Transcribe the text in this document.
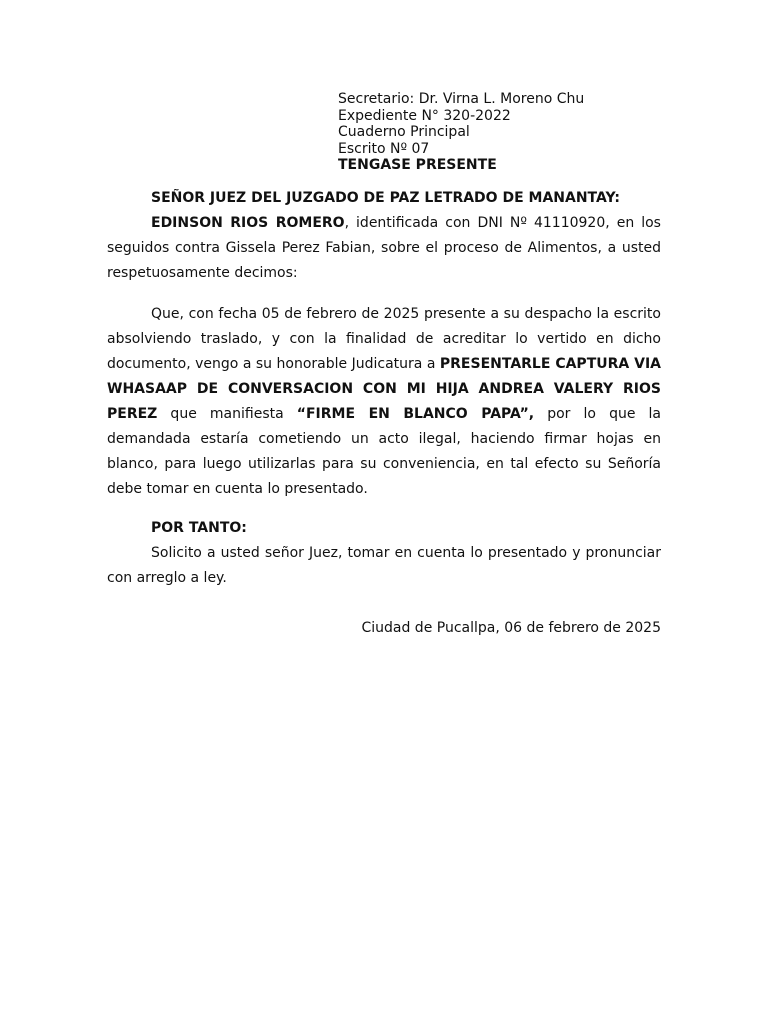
Secretario: Dr. Virna L. Moreno Chu
Expediente N° 320-2022
Cuaderno Principal
Escrito Nº 07
TENGASE PRESENTE
SEÑOR JUEZ DEL JUZGADO DE PAZ LETRADO DE MANANTAY:
EDINSON RIOS ROMERO, identificada con DNI Nº 41110920, en los seguidos contra Gissela Perez Fabian, sobre el proceso de Alimentos, a usted respetuosamente decimos:
Que, con fecha 05 de febrero de 2025 presente a su despacho la escrito absolviendo traslado, y con la finalidad de acreditar lo vertido en dicho documento, vengo a su honorable Judicatura a PRESENTARLE CAPTURA VIA WHASAAP DE CONVERSACION CON MI HIJA ANDREA VALERY RIOS PEREZ que manifiesta “FIRME EN BLANCO PAPA”, por lo que la demandada estaría cometiendo un acto ilegal, haciendo firmar hojas en blanco, para luego utilizarlas para su conveniencia, en tal efecto su Señoría debe tomar en cuenta lo presentado.
POR TANTO:
Solicito a usted señor Juez, tomar en cuenta lo presentado y pronunciar con arreglo a ley.
Ciudad de Pucallpa, 06 de febrero de 2025
